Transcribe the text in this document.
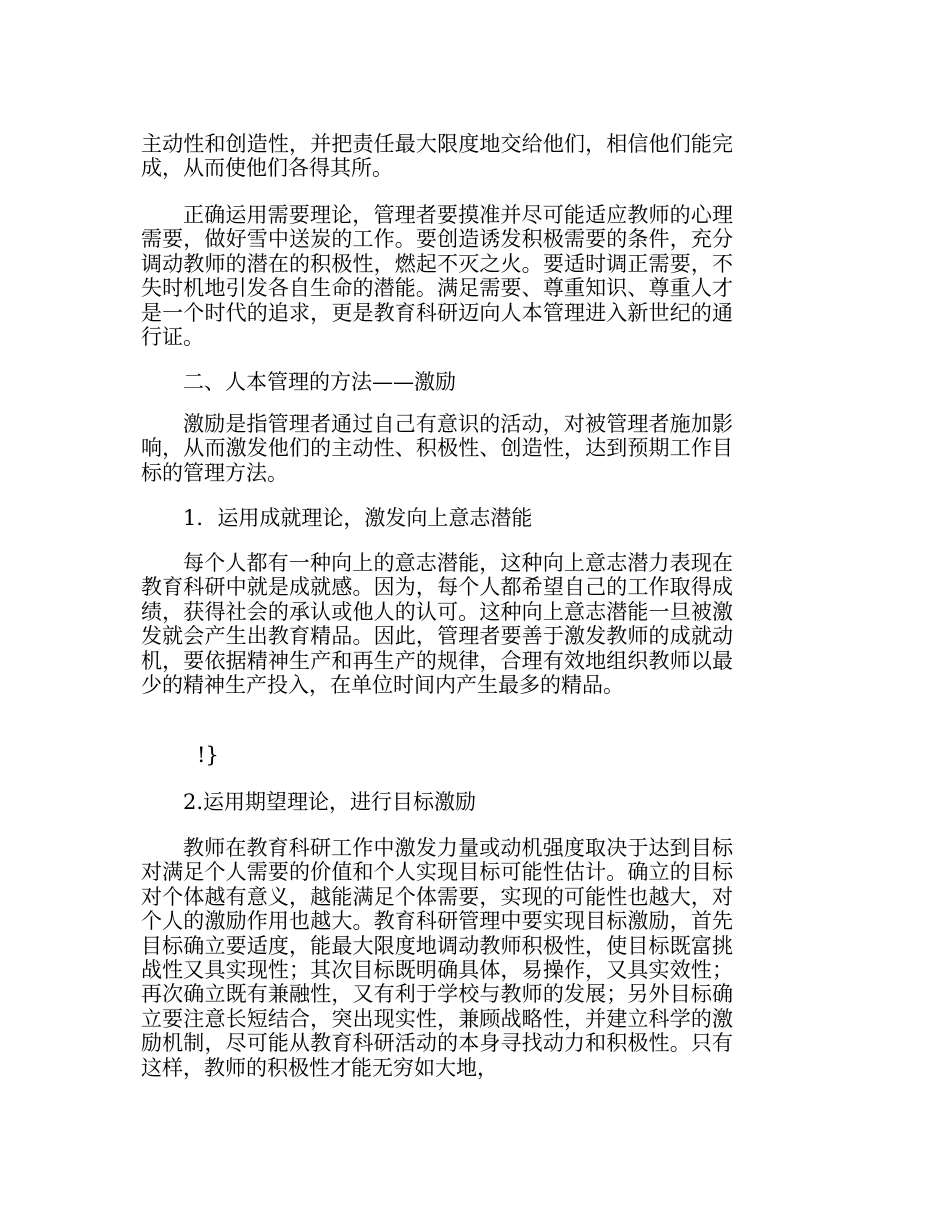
主动性和创造性，并把责任最大限度地交给他们，相信他们能完成，从而使他们各得其所。

正确运用需要理论，管理者要摸准并尽可能适应教师的心理需要，做好雪中送炭的工作。要创造诱发积极需要的条件，充分调动教师的潜在的积极性，燃起不灭之火。要适时调正需要，不失时机地引发各自生命的潜能。满足需要、尊重知识、尊重人才是一个时代的追求，更是教育科研迈向人本管理进入新世纪的通行证。

二、人本管理的方法——激励

激励是指管理者通过自己有意识的活动，对被管理者施加影响，从而激发他们的主动性、积极性、创造性，达到预期工作目标的管理方法。

1．运用成就理论，激发向上意志潜能

每个人都有一种向上的意志潜能，这种向上意志潜力表现在教育科研中就是成就感。因为，每个人都希望自己的工作取得成绩，获得社会的承认或他人的认可。这种向上意志潜能一旦被激发就会产生出教育精品。因此，管理者要善于激发教师的成就动机，要依据精神生产和再生产的规律，合理有效地组织教师以最少的精神生产投入，在单位时间内产生最多的精品。

!}

2.运用期望理论，进行目标激励

教师在教育科研工作中激发力量或动机强度取决于达到目标对满足个人需要的价值和个人实现目标可能性估计。确立的目标对个体越有意义，越能满足个体需要，实现的可能性也越大，对个人的激励作用也越大。教育科研管理中要实现目标激励，首先目标确立要适度，能最大限度地调动教师积极性，使目标既富挑战性又具实现性；其次目标既明确具体，易操作，又具实效性；再次确立既有兼融性，又有利于学校与教师的发展；另外目标确立要注意长短结合，突出现实性，兼顾战略性，并建立科学的激励机制，尽可能从教育科研活动的本身寻找动力和积极性。只有这样，教师的积极性才能无穷如大地，
